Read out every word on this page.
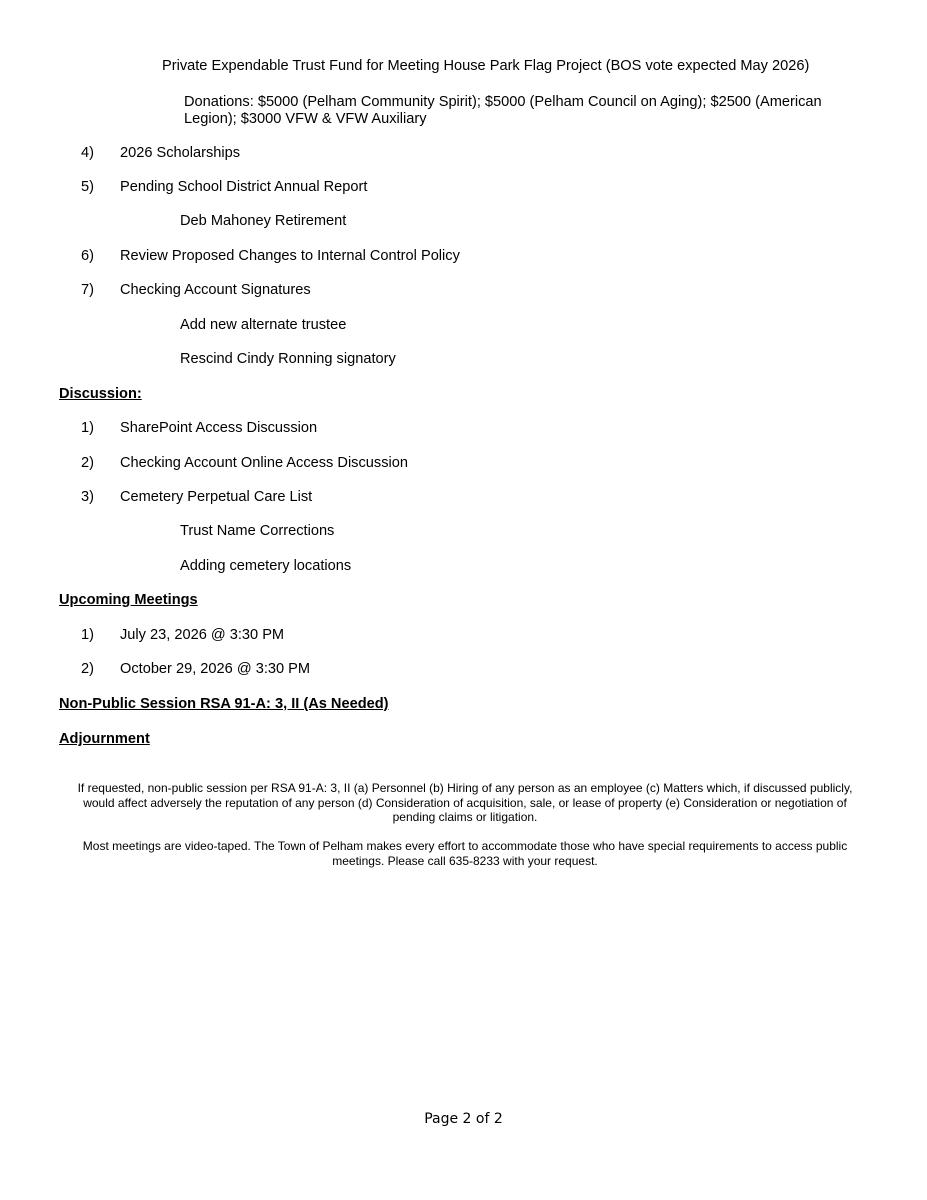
Private Expendable Trust Fund for Meeting House Park Flag Project (BOS vote expected May 2026)
Donations: $5000 (Pelham Community Spirit); $5000 (Pelham Council on Aging); $2500 (American
Legion); $3000 VFW & VFW Auxiliary
4) 2026 Scholarships
5) Pending School District Annual Report
Deb Mahoney Retirement
6) Review Proposed Changes to Internal Control Policy
7) Checking Account Signatures
Add new alternate trustee
Rescind Cindy Ronning signatory
Discussion:
1) SharePoint Access Discussion
2) Checking Account Online Access Discussion
3) Cemetery Perpetual Care List
Trust Name Corrections
Adding cemetery locations
Upcoming Meetings
1) July 23, 2026 @ 3:30 PM
2) October 29, 2026 @ 3:30 PM
Non-Public Session RSA 91-A: 3, II (As Needed)
Adjournment
If requested, non-public session per RSA 91-A: 3, II (a) Personnel (b) Hiring of any person as an employee (c) Matters which, if discussed publicly, would affect adversely the reputation of any person (d) Consideration of acquisition, sale, or lease of property (e) Consideration or negotiation of pending claims or litigation.
Most meetings are video-taped. The Town of Pelham makes every effort to accommodate those who have special requirements to access public meetings. Please call 635-8233 with your request.
Page 2 of 2
